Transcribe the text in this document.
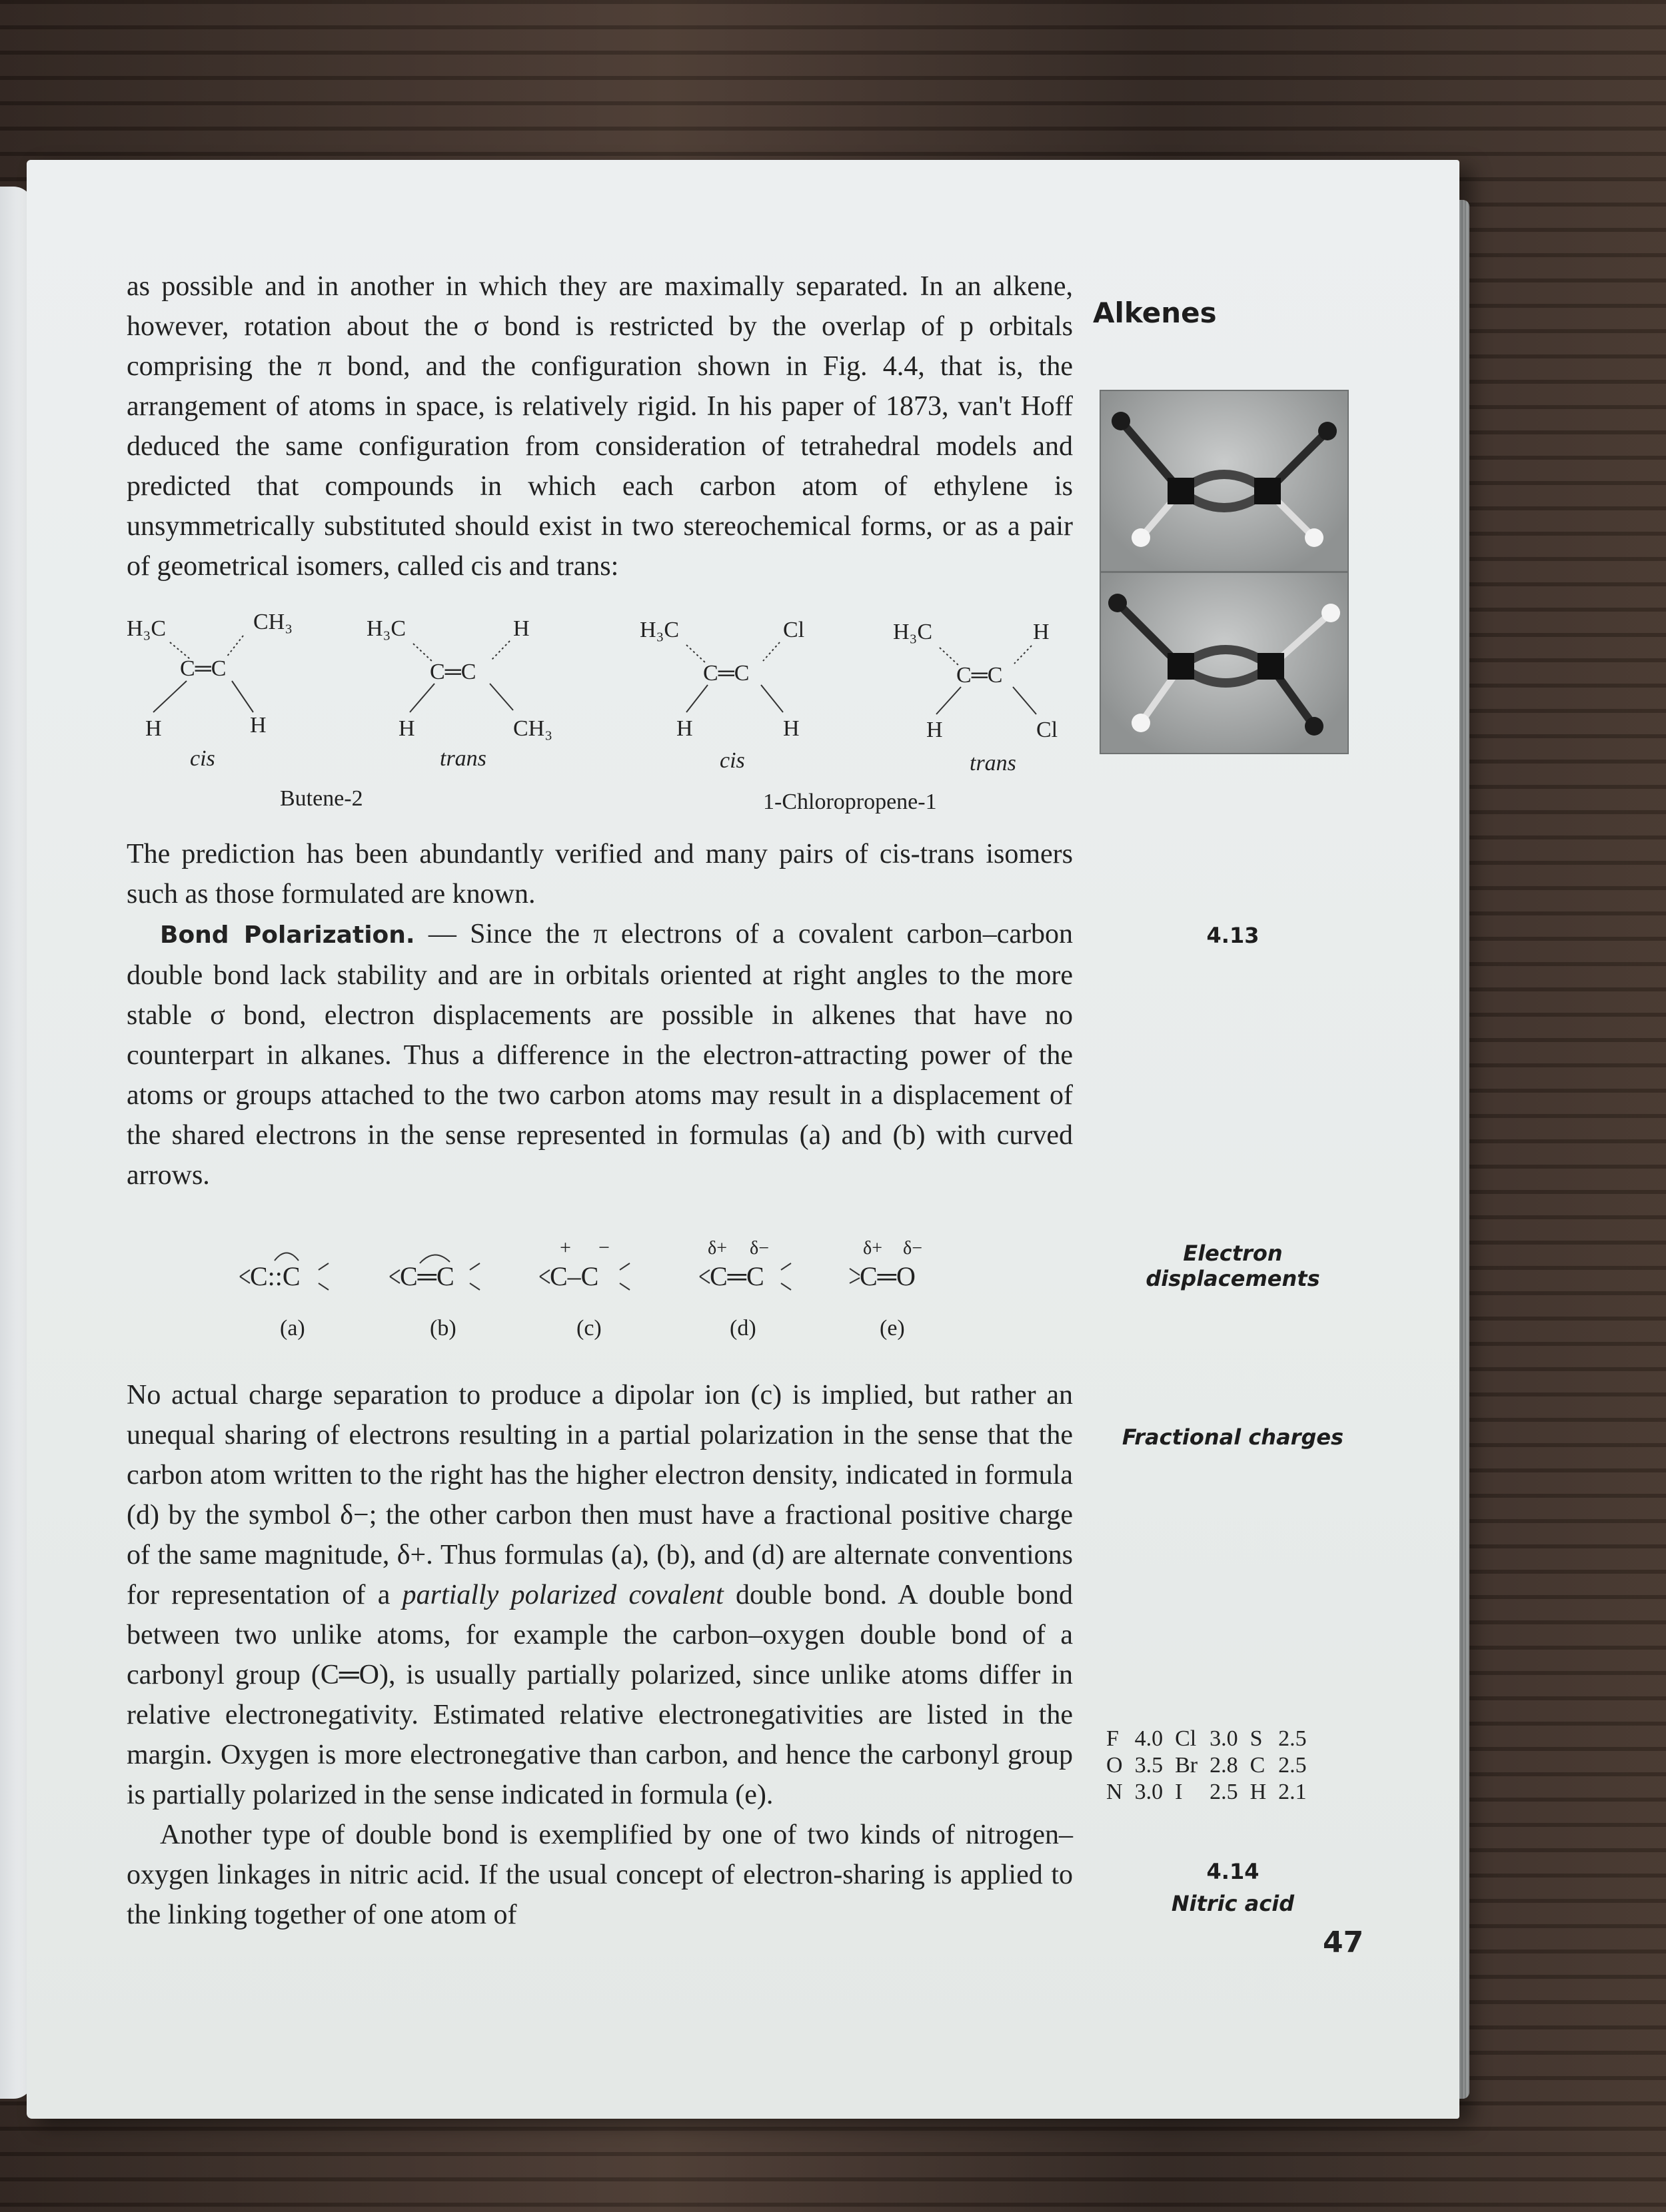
as possible and in another in which they are maximally separated. In an alkene, however, rotation about the σ bond is restricted by the overlap of p orbitals comprising the π bond, and the configuration shown in Fig. 4.4, that is, the arrangement of atoms in space, is relatively rigid. In his paper of 1873, van't Hoff deduced the same configuration from consideration of tetrahedral models and predicted that compounds in which each carbon atom of ethylene is unsymmetrically substituted should exist in two stereochemical forms, or as a pair of geometrical isomers, called cis and trans:

H₃C	CH₃
C═C
H	H
cis
H₃C	H
C═C
H	CH₃
trans
Butene-2
H₃C	Cl
C═C
H	H
cis
H₃C	H
C═C
H	Cl
trans
1-Chloropropene-1

The prediction has been abundantly verified and many pairs of cis-trans isomers such as those formulated are known.

Bond Polarization. — Since the π electrons of a covalent carbon–carbon double bond lack stability and are in orbitals oriented at right angles to the more stable σ bond, electron displacements are possible in alkenes that have no counterpart in alkanes. Thus a difference in the electron-attracting power of the atoms or groups attached to the two carbon atoms may result in a displacement of the shared electrons in the sense represented in formulas (a) and (b) with curved arrows.

C::C
(a)
C═C
(b)
C–C
+ −
(c)
C═C
δ+ δ−
(d)
C═O
δ+ δ−
(e)

No actual charge separation to produce a dipolar ion (c) is implied, but rather an unequal sharing of electrons resulting in a partial polarization in the sense that the carbon atom written to the right has the higher electron density, indicated in formula (d) by the symbol δ−; the other carbon then must have a fractional positive charge of the same magnitude, δ+. Thus formulas (a), (b), and (d) are alternate conventions for representation of a partially polarized covalent double bond. A double bond between two unlike atoms, for example the carbon–oxygen double bond of a carbonyl group (C═O), is usually partially polarized, since unlike atoms differ in relative electronegativity. Estimated relative electronegativities are listed in the margin. Oxygen is more electronegative than carbon, and hence the carbonyl group is partially polarized in the sense indicated in formula (e).

Another type of double bond is exemplified by one of two kinds of nitrogen–oxygen linkages in nitric acid. If the usual concept of electron-sharing is applied to the linking together of one atom of

Alkenes
4.13
Electron displacements
Fractional charges
F	4.0	Cl	3.0	S	2.5
O	3.5	Br	2.8	C	2.5
N	3.0	I	2.5	H	2.1
4.14
Nitric acid
47
